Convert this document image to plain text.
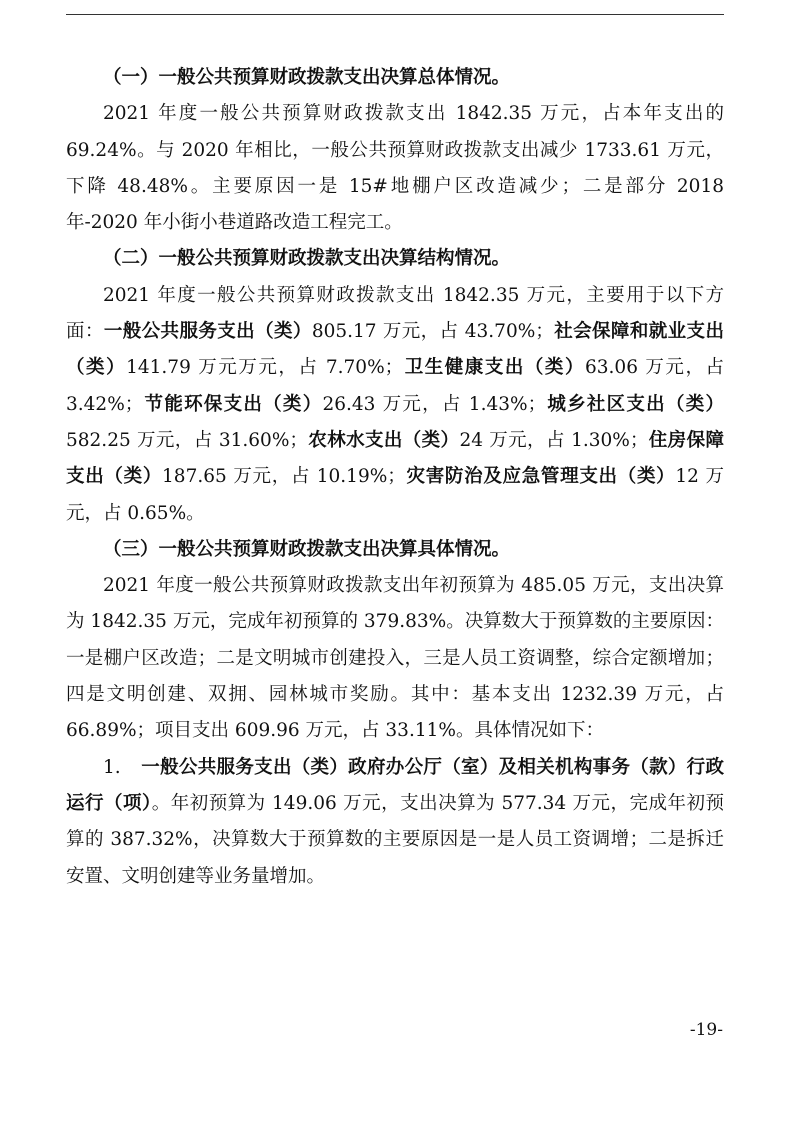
（一）一般公共预算财政拨款支出决算总体情况。

2021 年度一般公共预算财政拨款支出 1842.35 万元，占本年支出的 69.24%。与 2020 年相比，一般公共预算财政拨款支出减少 1733.61 万元，下降 48.48%。主要原因一是 15#地棚户区改造减少；二是部分 2018 年-2020 年小街小巷道路改造工程完工。

（二）一般公共预算财政拨款支出决算结构情况。

2021 年度一般公共预算财政拨款支出 1842.35 万元，主要用于以下方面：一般公共服务支出（类）805.17 万元，占 43.70%；社会保障和就业支出（类）141.79 万元万元，占 7.70%；卫生健康支出（类）63.06 万元，占 3.42%；节能环保支出（类）26.43 万元，占 1.43%；城乡社区支出（类）582.25 万元，占 31.60%；农林水支出（类）24 万元，占 1.30%；住房保障支出（类）187.65 万元，占 10.19%；灾害防治及应急管理支出（类）12 万元，占 0.65%。

（三）一般公共预算财政拨款支出决算具体情况。

2021 年度一般公共预算财政拨款支出年初预算为 485.05 万元，支出决算为 1842.35 万元，完成年初预算的 379.83%。决算数大于预算数的主要原因：一是棚户区改造；二是文明城市创建投入，三是人员工资调整，综合定额增加；四是文明创建、双拥、园林城市奖励。其中：基本支出 1232.39 万元，占 66.89%；项目支出 609.96 万元，占 33.11%。具体情况如下：

1. 一般公共服务支出（类）政府办公厅（室）及相关机构事务（款）行政运行（项）。年初预算为 149.06 万元，支出决算为 577.34 万元，完成年初预算的 387.32%，决算数大于预算数的主要原因是一是人员工资调增；二是拆迁安置、文明创建等业务量增加。

-19-
